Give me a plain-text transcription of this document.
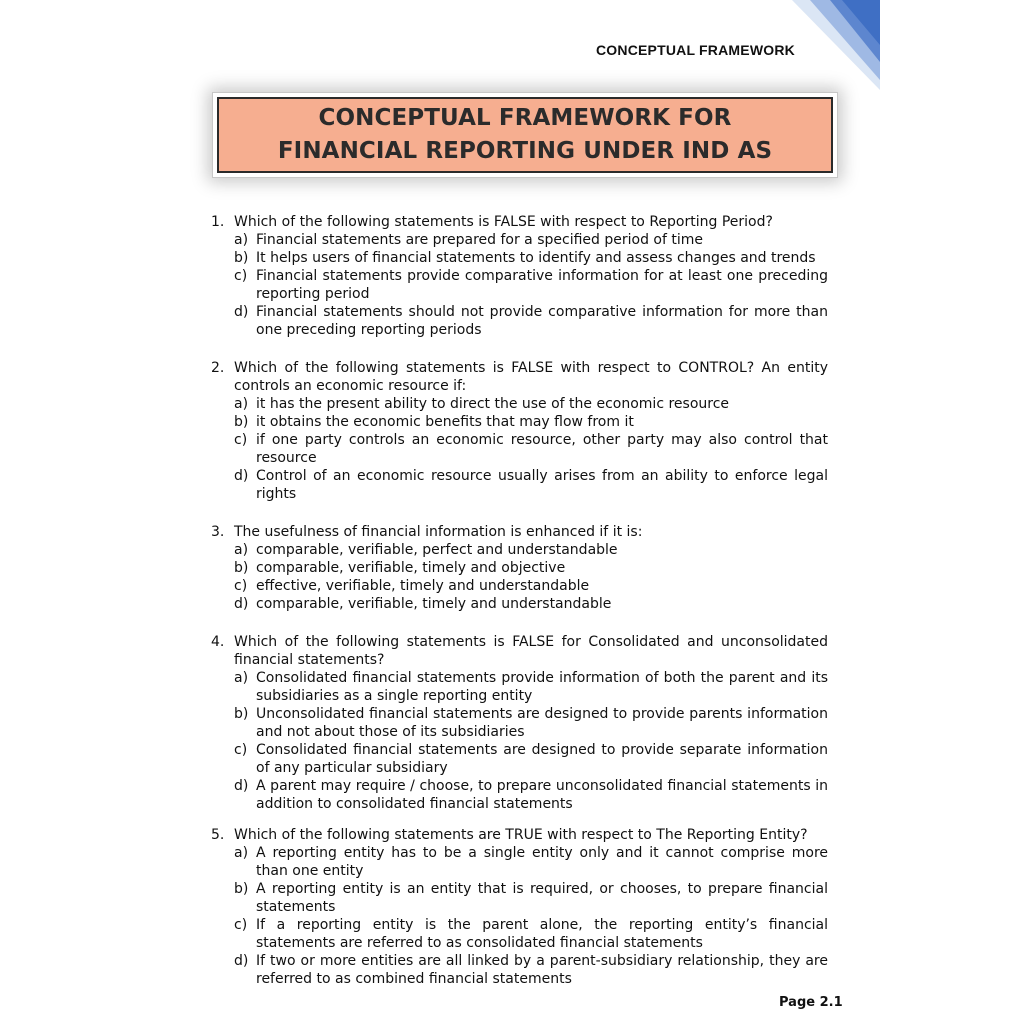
CONCEPTUAL FRAMEWORK
CONCEPTUAL FRAMEWORK FOR
FINANCIAL REPORTING UNDER IND AS
1. Which of the following statements is FALSE with respect to Reporting Period?
a) Financial statements are prepared for a specified period of time
b) It helps users of financial statements to identify and assess changes and trends
c) Financial statements provide comparative information for at least one preceding reporting period
d) Financial statements should not provide comparative information for more than one preceding reporting periods
2. Which of the following statements is FALSE with respect to CONTROL? An entity controls an economic resource if:
a) it has the present ability to direct the use of the economic resource
b) it obtains the economic benefits that may flow from it
c) if one party controls an economic resource, other party may also control that resource
d) Control of an economic resource usually arises from an ability to enforce legal rights
3. The usefulness of financial information is enhanced if it is:
a) comparable, verifiable, perfect and understandable
b) comparable, verifiable, timely and objective
c) effective, verifiable, timely and understandable
d) comparable, verifiable, timely and understandable
4. Which of the following statements is FALSE for Consolidated and unconsolidated financial statements?
a) Consolidated financial statements provide information of both the parent and its subsidiaries as a single reporting entity
b) Unconsolidated financial statements are designed to provide parents information and not about those of its subsidiaries
c) Consolidated financial statements are designed to provide separate information of any particular subsidiary
d) A parent may require / choose, to prepare unconsolidated financial statements in addition to consolidated financial statements
5. Which of the following statements are TRUE with respect to The Reporting Entity?
a) A reporting entity has to be a single entity only and it cannot comprise more than one entity
b) A reporting entity is an entity that is required, or chooses, to prepare financial statements
c) If a reporting entity is the parent alone, the reporting entity’s financial statements are referred to as consolidated financial statements
d) If two or more entities are all linked by a parent-subsidiary relationship, they are referred to as combined financial statements
Page 2.1
